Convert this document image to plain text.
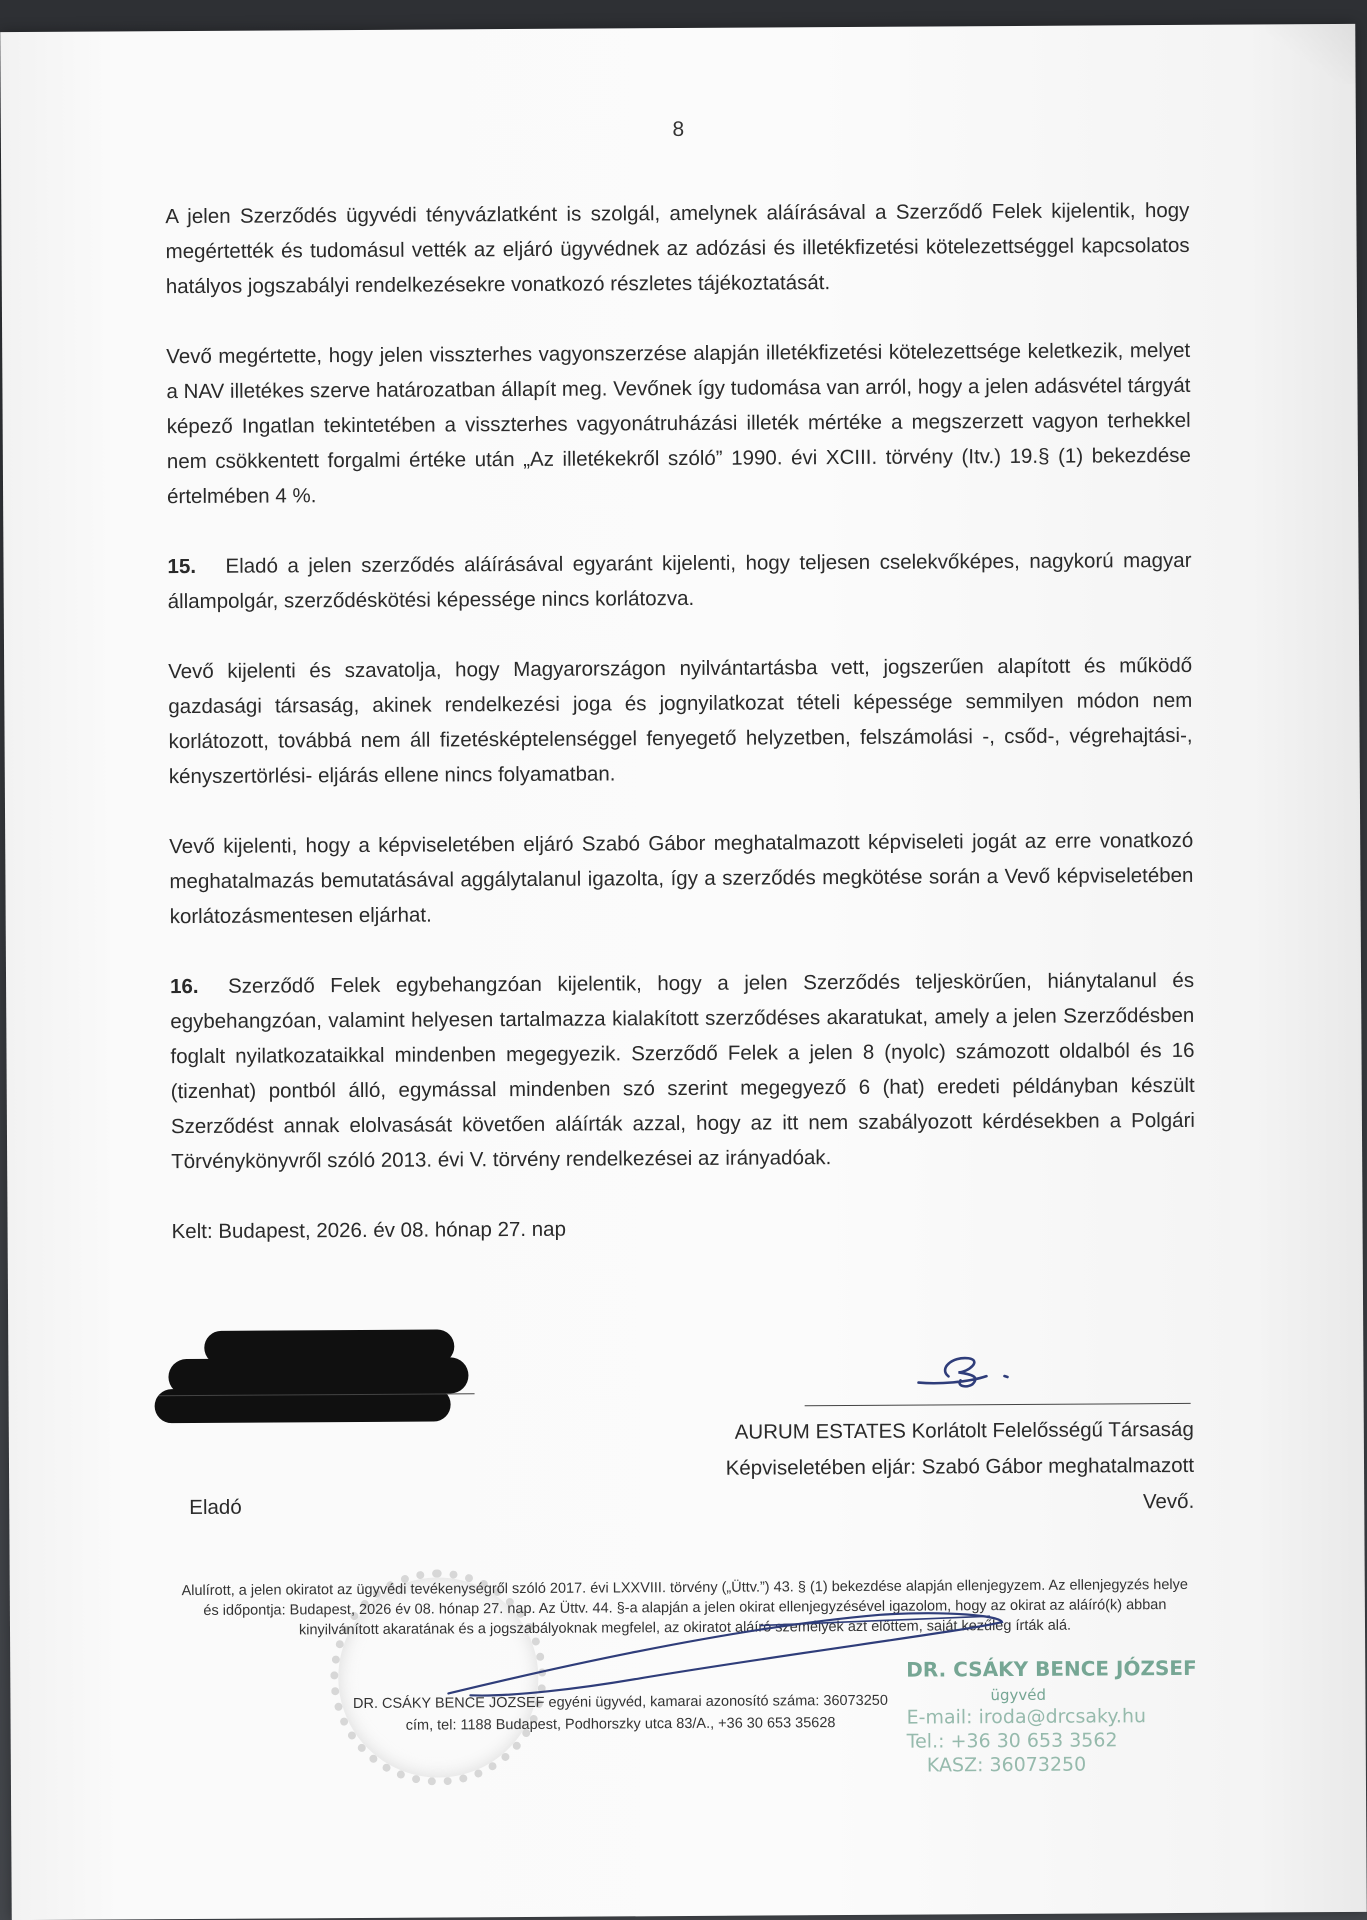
8

A jelen Szerződés ügyvédi tényvázlatként is szolgál, amelynek aláírásával a Szerződő Felek kijelentik, hogy megértették és tudomásul vették az eljáró ügyvédnek az adózási és illetékfizetési kötelezettséggel kapcsolatos hatályos jogszabályi rendelkezésekre vonatkozó részletes tájékoztatását.

Vevő megértette, hogy jelen visszterhes vagyonszerzése alapján illetékfizetési kötelezettsége keletkezik, melyet a NAV illetékes szerve határozatban állapít meg. Vevőnek így tudomása van arról, hogy a jelen adásvétel tárgyát képező Ingatlan tekintetében a visszterhes vagyonátruházási illeték mértéke a megszerzett vagyon terhekkel nem csökkentett forgalmi értéke után „Az illetékekről szóló” 1990. évi XCIII. törvény (Itv.) 19.§ (1) bekezdése értelmében 4 %.

15. Eladó a jelen szerződés aláírásával egyaránt kijelenti, hogy teljesen cselekvőképes, nagykorú magyar állampolgár, szerződéskötési képessége nincs korlátozva.

Vevő kijelenti és szavatolja, hogy Magyarországon nyilvántartásba vett, jogszerűen alapított és működő gazdasági társaság, akinek rendelkezési joga és jognyilatkozat tételi képessége semmilyen módon nem korlátozott, továbbá nem áll fizetésképtelenséggel fenyegető helyzetben, felszámolási -, csőd-, végrehajtási-, kényszertörlési- eljárás ellene nincs folyamatban.

Vevő kijelenti, hogy a képviseletében eljáró Szabó Gábor meghatalmazott képviseleti jogát az erre vonatkozó meghatalmazás bemutatásával aggálytalanul igazolta, így a szerződés megkötése során a Vevő képviseletében korlátozásmentesen eljárhat.

16. Szerződő Felek egybehangzóan kijelentik, hogy a jelen Szerződés teljeskörűen, hiánytalanul és egybehangzóan, valamint helyesen tartalmazza kialakított szerződéses akaratukat, amely a jelen Szerződésben foglalt nyilatkozataikkal mindenben megegyezik. Szerződő Felek a jelen 8 (nyolc) számozott oldalból és 16 (tizenhat) pontból álló, egymással mindenben szó szerint megegyező 6 (hat) eredeti példányban készült Szerződést annak elolvasását követően aláírták azzal, hogy az itt nem szabályozott kérdésekben a Polgári Törvénykönyvről szóló 2013. évi V. törvény rendelkezései az irányadóak.

Kelt: Budapest, 2026. év 08. hónap 27. nap

Eladó
AURUM ESTATES Korlátolt Felelősségű Társaság
Képviseletében eljár: Szabó Gábor meghatalmazott
Vevő.
Alulírott, a jelen okiratot az ügyvédi tevékenységről szóló 2017. évi LXXVIII. törvény („Üttv.”) 43. § (1) bekezdése alapján ellenjegyzem. Az ellenjegyzés helye és időpontja: Budapest, 2026 év 08. hónap 27. nap. Az Üttv. 44. §-a alapján a jelen okirat ellenjegyzésével igazolom, hogy az okirat az aláíró(k) abban kinyilvánított akaratának és a jogszabályoknak megfelel, az okiratot aláíró személyek azt előttem, saját kezűleg írták alá.
DR. CSÁKY BENCE JÓZSEF egyéni ügyvéd, kamarai azonosító száma: 36073250
cím, tel: 1188 Budapest, Podhorszky utca 83/A., +36 30 653 35628
DR. CSÁKY BENCE JÓZSEF
ügyvéd
E-mail: iroda@drcsaky.hu
Tel.: +36 30 653 3562
KASZ: 36073250
